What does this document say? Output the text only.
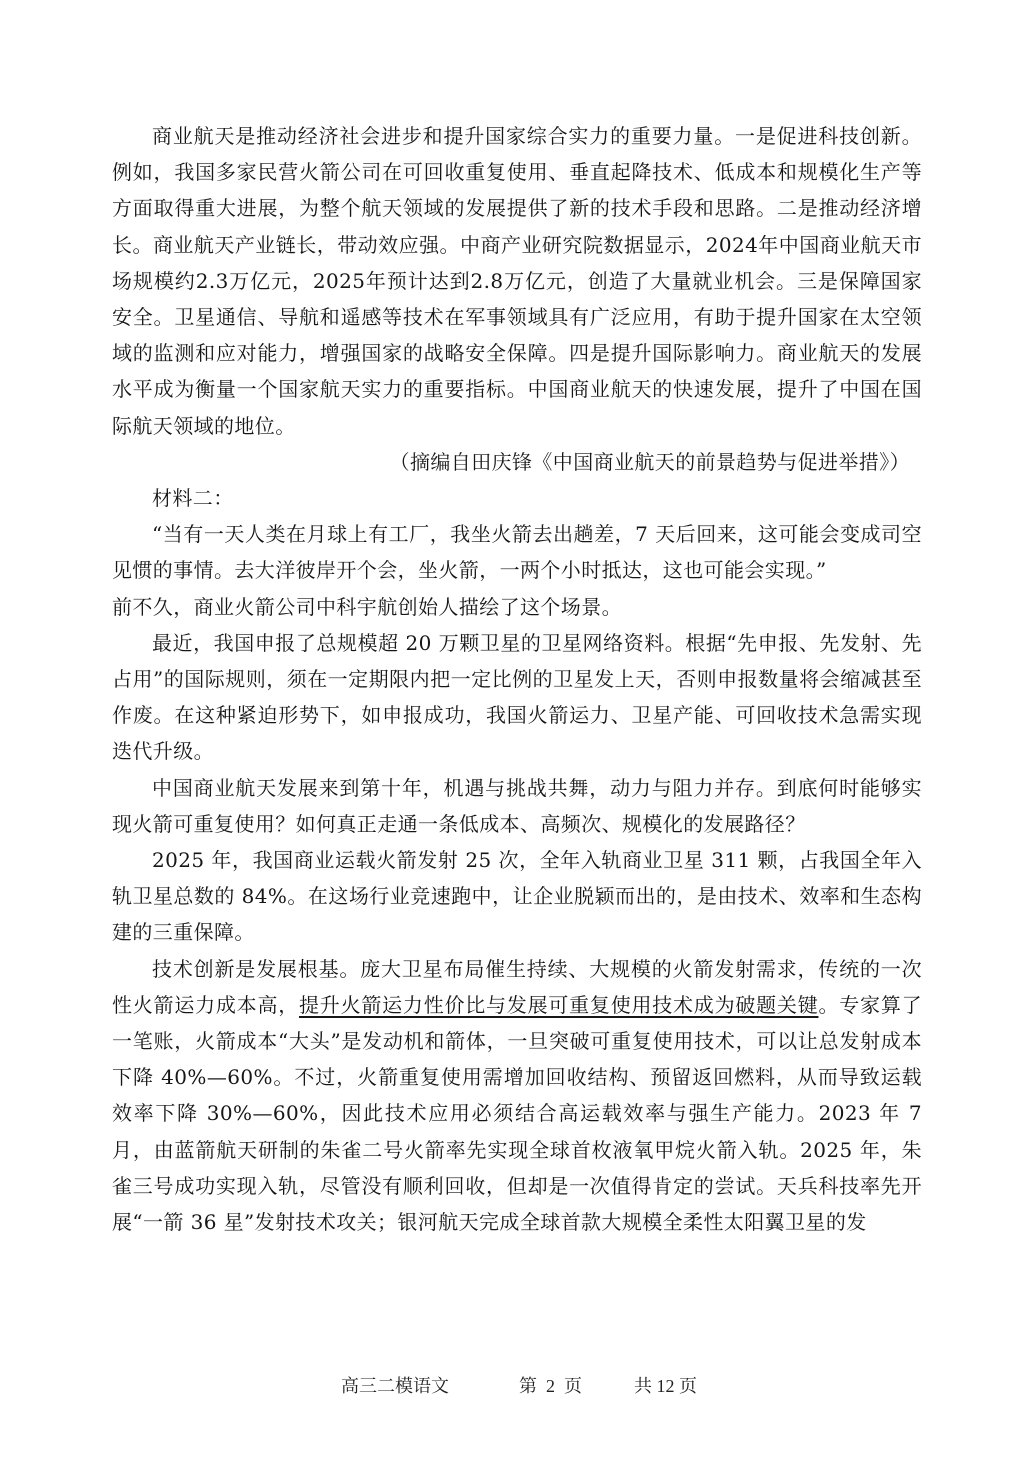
商业航天是推动经济社会进步和提升国家综合实力的重要力量。一是促进科技创新。例如，我国多家民营火箭公司在可回收重复使用、垂直起降技术、低成本和规模化生产等方面取得重大进展，为整个航天领域的发展提供了新的技术手段和思路。二是推动经济增长。商业航天产业链长，带动效应强。中商产业研究院数据显示，2024年中国商业航天市场规模约2.3万亿元，2025年预计达到2.8万亿元，创造了大量就业机会。三是保障国家安全。卫星通信、导航和遥感等技术在军事领域具有广泛应用，有助于提升国家在太空领域的监测和应对能力，增强国家的战略安全保障。四是提升国际影响力。商业航天的发展水平成为衡量一个国家航天实力的重要指标。中国商业航天的快速发展，提升了中国在国际航天领域的地位。

（摘编自田庆锋《中国商业航天的前景趋势与促进举措》）

材料二：

“当有一天人类在月球上有工厂，我坐火箭去出趟差，7 天后回来，这可能会变成司空见惯的事情。去大洋彼岸开个会，坐火箭，一两个小时抵达，这也可能会实现。”

前不久，商业火箭公司中科宇航创始人描绘了这个场景。

最近，我国申报了总规模超 20 万颗卫星的卫星网络资料。根据“先申报、先发射、先占用”的国际规则，须在一定期限内把一定比例的卫星发上天，否则申报数量将会缩减甚至作废。在这种紧迫形势下，如申报成功，我国火箭运力、卫星产能、可回收技术急需实现迭代升级。

中国商业航天发展来到第十年，机遇与挑战共舞，动力与阻力并存。到底何时能够实现火箭可重复使用？如何真正走通一条低成本、高频次、规模化的发展路径？

2025 年，我国商业运载火箭发射 25 次，全年入轨商业卫星 311 颗，占我国全年入轨卫星总数的 84%。在这场行业竞速跑中，让企业脱颖而出的，是由技术、效率和生态构建的三重保障。

技术创新是发展根基。庞大卫星布局催生持续、大规模的火箭发射需求，传统的一次性火箭运力成本高，提升火箭运力性价比与发展可重复使用技术成为破题关键。专家算了一笔账，火箭成本“大头”是发动机和箭体，一旦突破可重复使用技术，可以让总发射成本下降 40%—60%。不过，火箭重复使用需增加回收结构、预留返回燃料，从而导致运载效率下降 30%—60%，因此技术应用必须结合高运载效率与强生产能力。2023 年 7 月，由蓝箭航天研制的朱雀二号火箭率先实现全球首枚液氧甲烷火箭入轨。2025 年，朱雀三号成功实现入轨，尽管没有顺利回收，但却是一次值得肯定的尝试。天兵科技率先开展“一箭 36 星”发射技术攻关；银河航天完成全球首款大规模全柔性太阳翼卫星的发

高三二模语文	第  2  页	共 12 页
